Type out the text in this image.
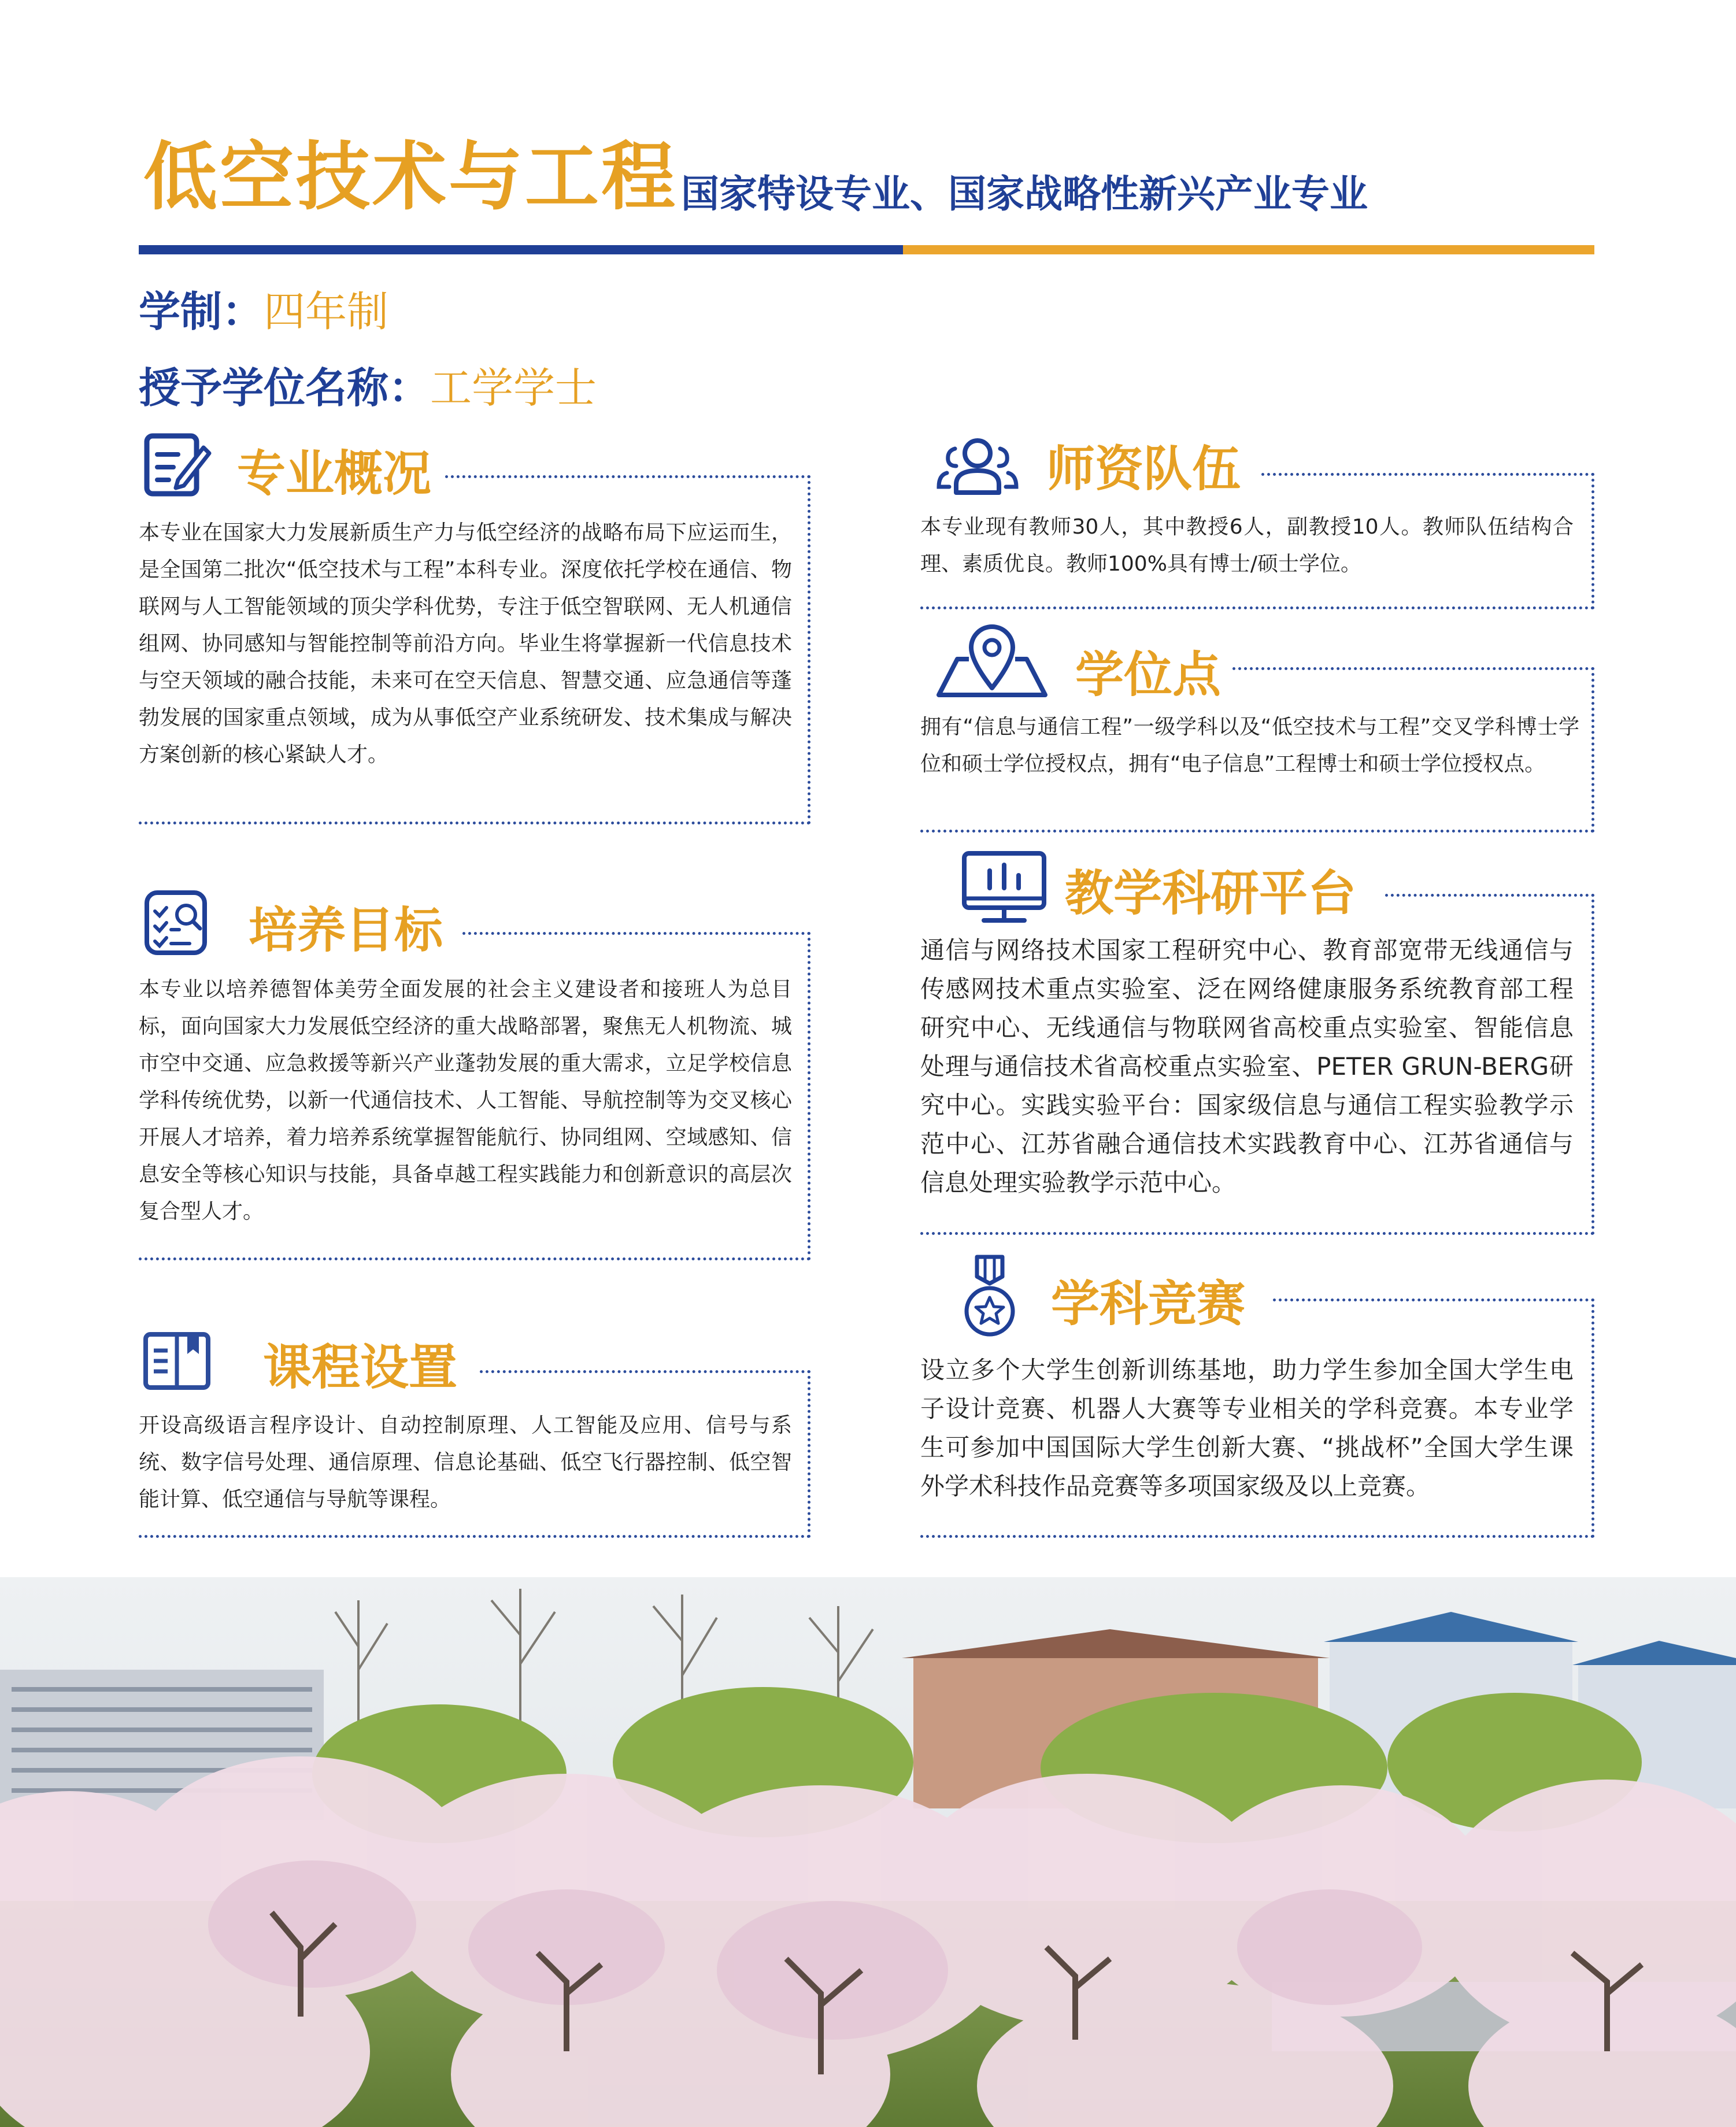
低空技术与工程 国家特设专业、国家战略性新兴产业专业
学制：四年制
授予学位名称：工学学士
专业概况
本专业在国家大力发展新质生产力与低空经济的战略布局下应运而生，是全国第二批次“低空技术与工程”本科专业。深度依托学校在通信、物联网与人工智能领域的顶尖学科优势，专注于低空智联网、无人机通信组网、协同感知与智能控制等前沿方向。毕业生将掌握新一代信息技术与空天领域的融合技能，未来可在空天信息、智慧交通、应急通信等蓬勃发展的国家重点领域，成为从事低空产业系统研发、技术集成与解决方案创新的核心紧缺人才。
培养目标
本专业以培养德智体美劳全面发展的社会主义建设者和接班人为总目标，面向国家大力发展低空经济的重大战略部署，聚焦无人机物流、城市空中交通、应急救援等新兴产业蓬勃发展的重大需求，立足学校信息学科传统优势，以新一代通信技术、人工智能、导航控制等为交叉核心开展人才培养，着力培养系统掌握智能航行、协同组网、空域感知、信息安全等核心知识与技能，具备卓越工程实践能力和创新意识的高层次复合型人才。
课程设置
开设高级语言程序设计、自动控制原理、人工智能及应用、信号与系统、数字信号处理、通信原理、信息论基础、低空飞行器控制、低空智能计算、低空通信与导航等课程。
师资队伍
本专业现有教师30人，其中教授6人，副教授10人。教师队伍结构合理、素质优良。教师100%具有博士/硕士学位。
学位点
拥有“信息与通信工程”一级学科以及“低空技术与工程”交叉学科博士学位和硕士学位授权点，拥有“电子信息”工程博士和硕士学位授权点。
教学科研平台
通信与网络技术国家工程研究中心、教育部宽带无线通信与传感网技术重点实验室、泛在网络健康服务系统教育部工程研究中心、无线通信与物联网省高校重点实验室、智能信息处理与通信技术省高校重点实验室、PETER GRUN-BERG研究中心。实践实验平台：国家级信息与通信工程实验教学示范中心、江苏省融合通信技术实践教育中心、江苏省通信与信息处理实验教学示范中心。
学科竞赛
设立多个大学生创新训练基地，助力学生参加全国大学生电子设计竞赛、机器人大赛等专业相关的学科竞赛。本专业学生可参加中国国际大学生创新大赛、“挑战杯”全国大学生课外学术科技作品竞赛等多项国家级及以上竞赛。
